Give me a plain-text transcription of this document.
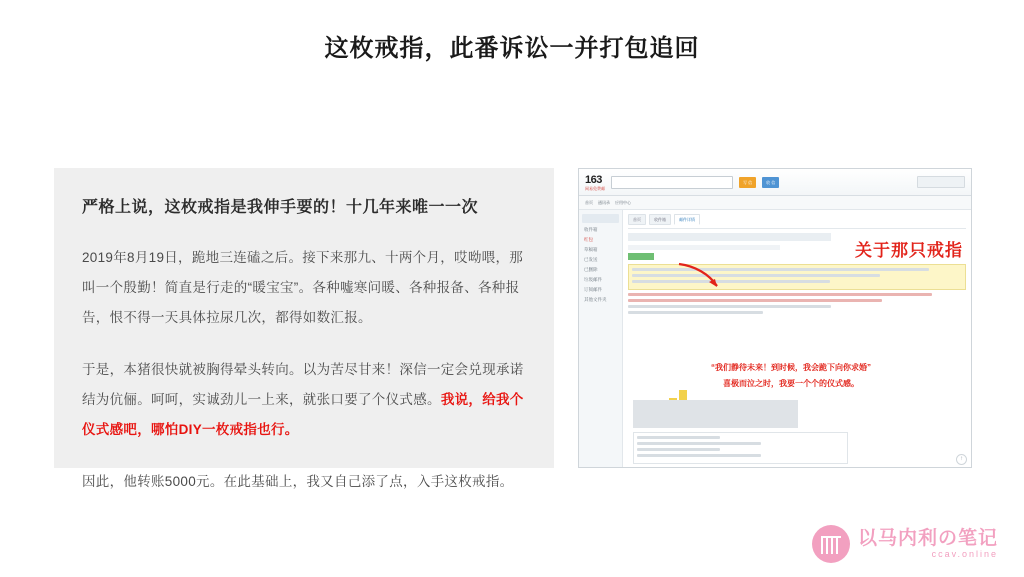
这枚戒指，此番诉讼一并打包追回
严格上说，这枚戒指是我伸手要的！十几年来唯一一次

2019年8月19日，跪地三连磕之后。接下来那九、十两个月，哎呦喂，那叫一个殷勤！简直是行走的“暖宝宝”。各种嘘寒问暖、各种报备、各种报告，恨不得一天具体拉尿几次，都得如数汇报。

于是，本猪很快就被胸得晕头转向。以为苦尽甘来！深信一定会兑现承诺结为伉俪。呵呵，实诚劲儿一上来，就张口要了个仪式感。我说，给我个仪式感吧，哪怕DIY一枚戒指也行。

因此，他转账5000元。在此基础上，我又自己添了点，入手这枚戒指。

163
网易免费邮
写 信	收 信
首页 通讯录 应用中心
收件箱
红包
草稿箱
已发送
已删除
垃圾邮件
订阅邮件
其他文件夹
首页	收件箱	邮件详情
关于那只戒指
“我们静待未来！到时候，我会跪下向你求婚”
喜极而泣之时，我要一个个的仪式感。
↑
以马内利の笔记
ccav.online
